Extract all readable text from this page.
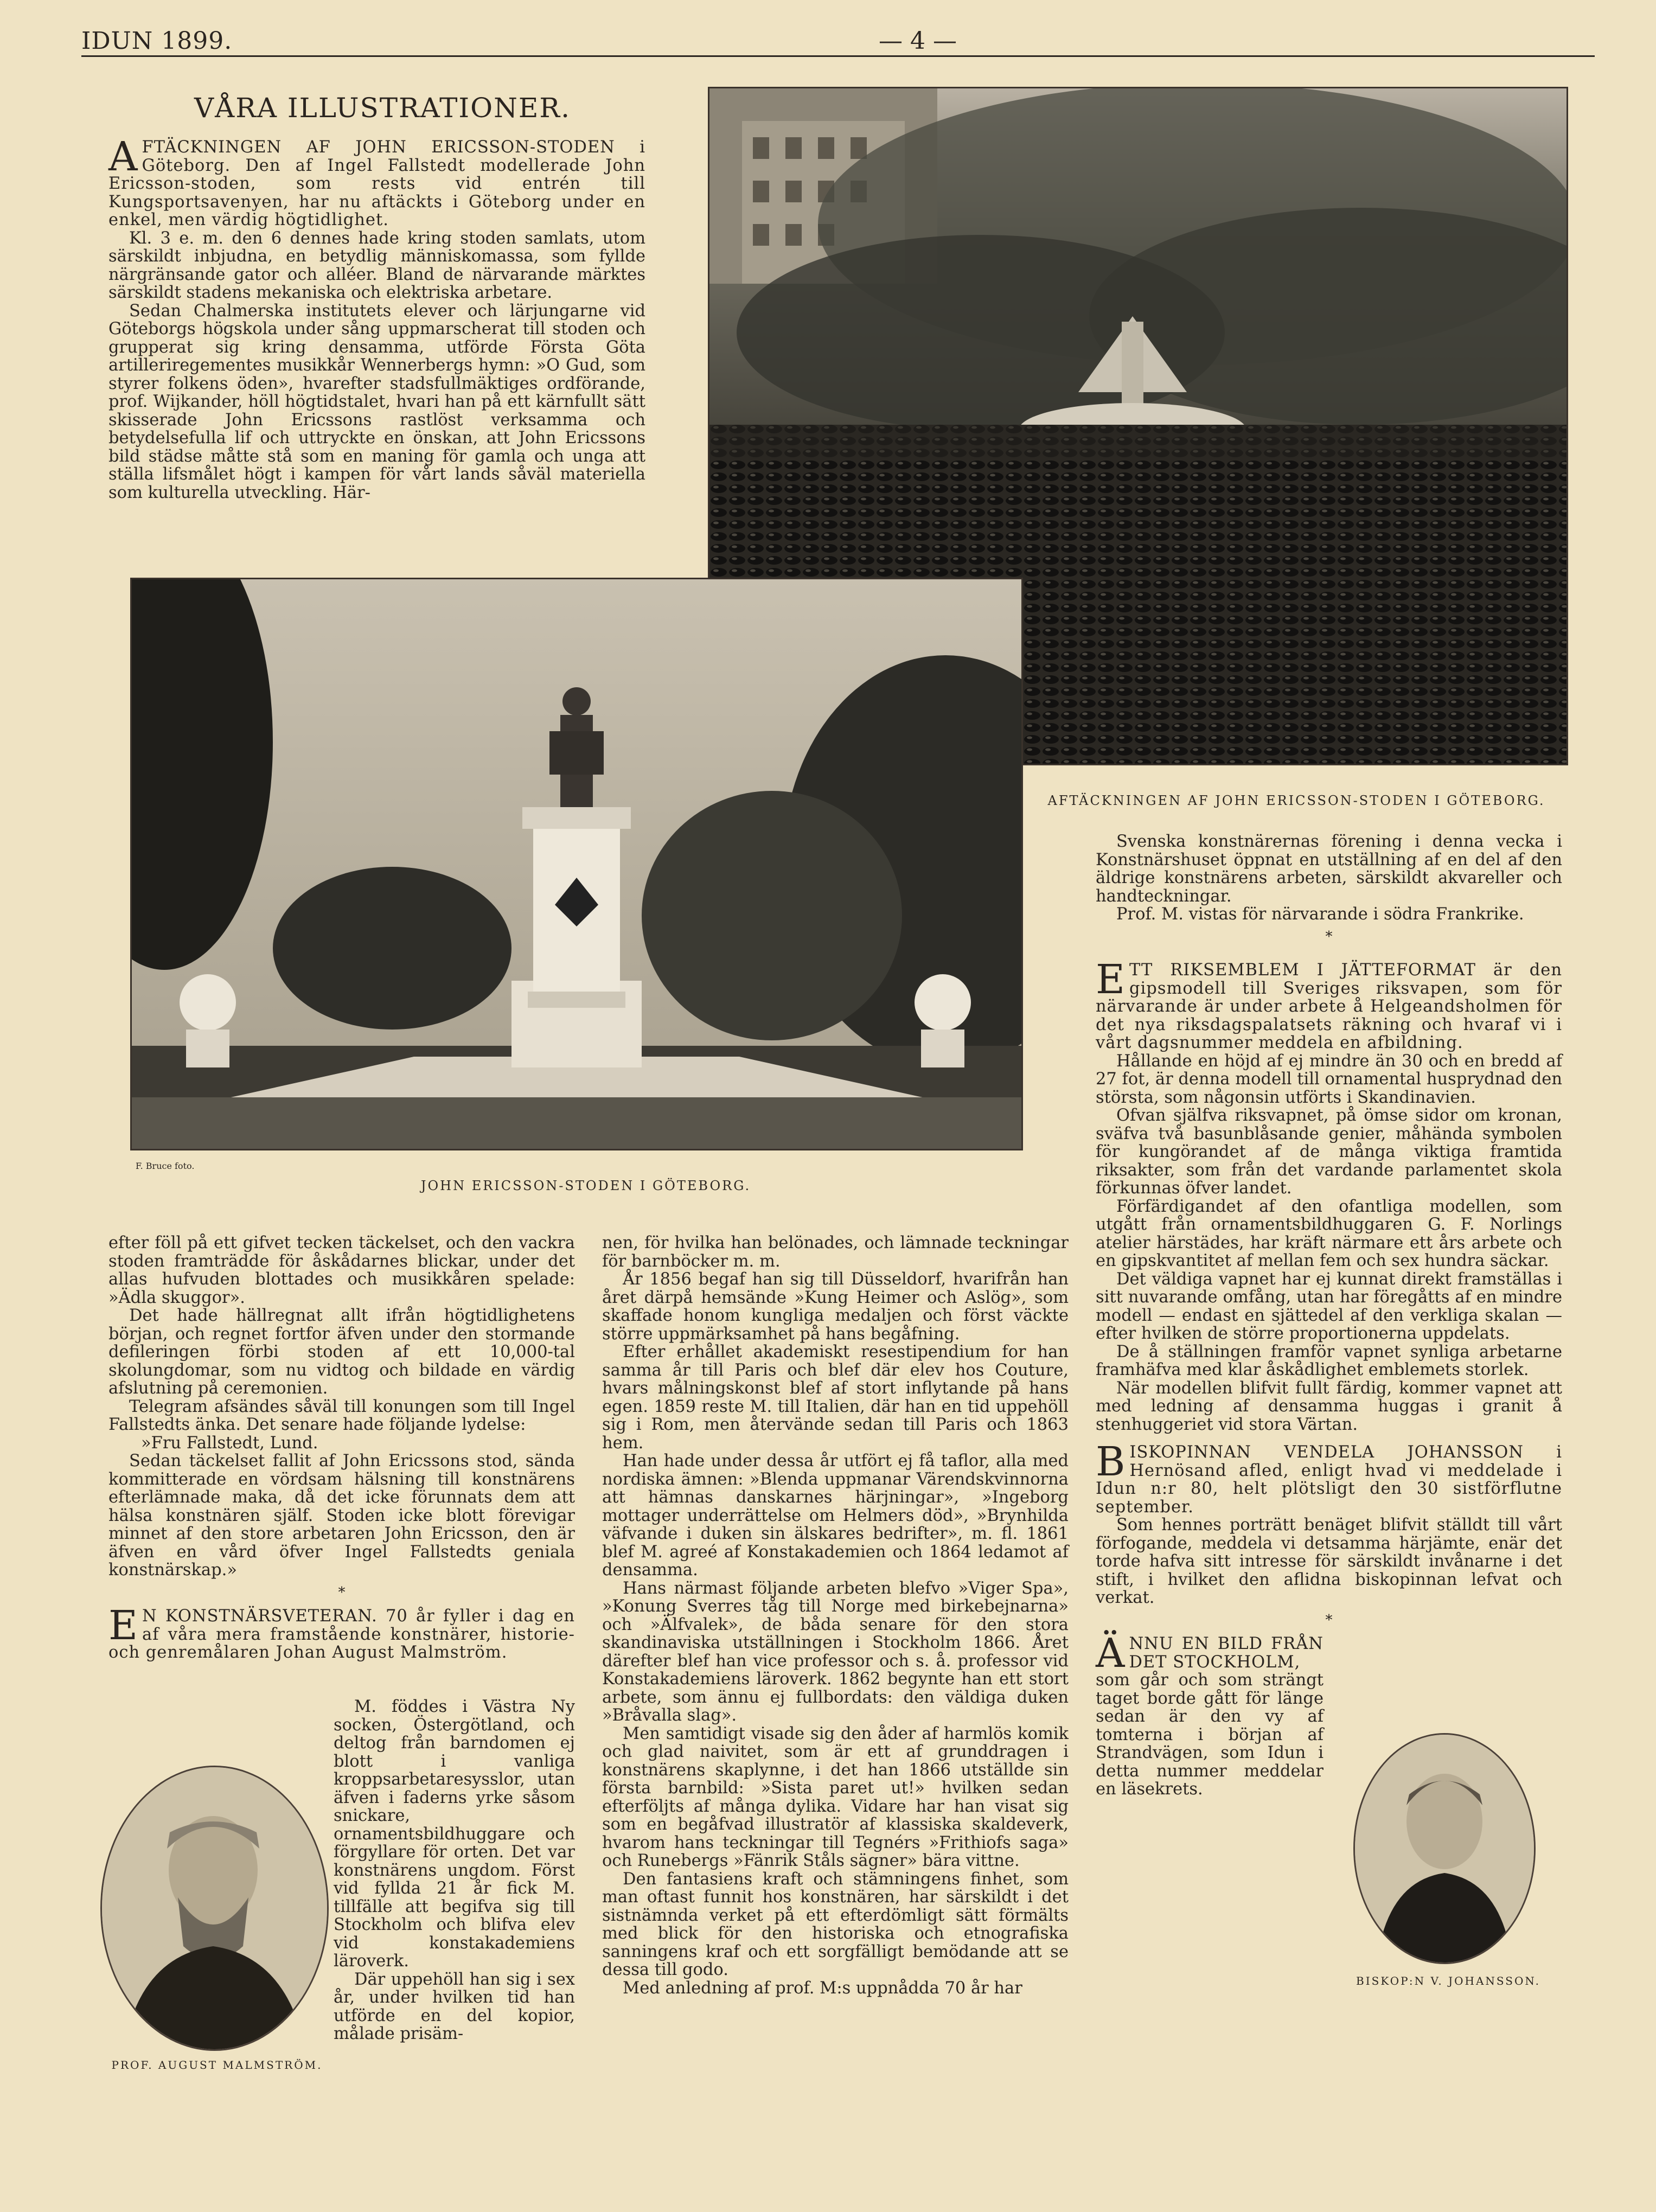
IDUN 1899.	— 4 —
VÅRA ILLUSTRATIONER.

AFTÄCKNINGEN AF JOHN ERICSSON-STODEN i Göteborg. Den af Ingel Fallstedt modellerade John Ericsson-stoden, som rests vid entrén till Kungsportsavenyen, har nu aftäckts i Göteborg under en enkel, men värdig högtidlighet.

Kl. 3 e. m. den 6 dennes hade kring stoden samlats, utom särskildt inbjudna, en betydlig människomassa, som fyllde närgränsande gator och alléer. Bland de närvarande märktes särskildt stadens mekaniska och elektriska arbetare.

Sedan Chalmerska institutets elever och lärjungarne vid Göteborgs högskola under sång uppmarscherat till stoden och grupperat sig kring densamma, utförde Första Göta artilleriregementes musikkår Wennerbergs hymn: »O Gud, som styrer folkens öden», hvarefter stadsfullmäktiges ordförande, prof. Wijkander, höll högtidstalet, hvari han på ett kärnfullt sätt skisserade John Ericssons rastlöst verksamma och betydelsefulla lif och uttryckte en önskan, att John Ericssons bild städse måtte stå som en maning för gamla och unga att ställa lifsmålet högt i kampen för vårt lands såväl materiella som kulturella utveckling. Här-

AFTÄCKNINGEN AF JOHN ERICSSON-STODEN I GÖTEBORG.
F. Bruce foto.
JOHN ERICSSON-STODEN I GÖTEBORG.

Svenska konstnärernas förening i denna vecka i Konstnärshuset öppnat en utställning af en del af den äldrige konstnärens arbeten, särskildt akvareller och handteckningar.

Prof. M. vistas för närvarande i södra Frankrike.

*

ETT RIKSEMBLEM I JÄTTEFORMAT är den gipsmodell till Sveriges riksvapen, som för närvarande är under arbete å Helgeandsholmen för det nya riksdagspalatsets räkning och hvaraf vi i vårt dagsnummer meddela en afbildning.

Hållande en höjd af ej mindre än 30 och en bredd af 27 fot, är denna modell till ornamental husprydnad den största, som någonsin utförts i Skandinavien.

Ofvan själfva riksvapnet, på ömse sidor om kronan, sväfva två basunblåsande genier, måhända symbolen för kungörandet af de många viktiga framtida riksakter, som från det vardande parlamentet skola förkunnas öfver landet.

Förfärdigandet af den ofantliga modellen, som utgått från ornamentsbildhuggaren G. F. Norlings atelier härstädes, har kräft närmare ett års arbete och en gipskvantitet af mellan fem och sex hundra säckar.

Det väldiga vapnet har ej kunnat direkt framställas i sitt nuvarande omfång, utan har föregåtts af en mindre modell — endast en sjättedel af den verkliga skalan — efter hvilken de större proportionerna uppdelats.

De å ställningen framför vapnet synliga arbetarne framhäfva med klar åskådlighet emblemets storlek.

När modellen blifvit fullt färdig, kommer vapnet att med ledning af densamma huggas i granit å stenhuggeriet vid stora Värtan.

BISKOPINNAN VENDELA JOHANSSON i Hernösand afled, enligt hvad vi meddelade i Idun n:r 80, helt plötsligt den 30 sistförflutne september.

Som hennes porträtt benäget blifvit ställdt till vårt förfogande, meddela vi detsamma härjämte, enär det torde hafva sitt intresse för särskildt invånarne i det stift, i hvilket den aflidna biskopinnan lefvat och verkat.

*

ÄNNU EN BILD FRÅN DET STOCKHOLM,

som går och som strängt taget borde gått för länge sedan är den vy af tomterna i början af Strandvägen, som Idun i detta nummer meddelar en läsekrets.

BISKOP:N V. JOHANSSON.

efter föll på ett gifvet tecken täckelset, och den vackra stoden framträdde för åskådarnes blickar, under det allas hufvuden blottades och musikkåren spelade: »Ädla skuggor».

Det hade hällregnat allt ifrån högtidlighetens början, och regnet fortfor äfven under den stormande defileringen förbi stoden af ett 10,000-tal skolungdomar, som nu vidtog och bildade en värdig afslutning på ceremonien.

Telegram afsändes såväl till konungen som till Ingel Fallstedts änka. Det senare hade följande lydelse:

»Fru Fallstedt, Lund.

Sedan täckelset fallit af John Ericssons stod, sända kommitterade en vördsam hälsning till konstnärens efterlämnade maka, då det icke förunnats dem att hälsa konstnären själf. Stoden icke blott förevigar minnet af den store arbetaren John Ericsson, den är äfven en vård öfver Ingel Fallstedts geniala konstnärskap.»

*

E N KONSTNÄRSVETERAN. 70 år fyller i dag en af våra mera framstående konstnärer, historie- och genremålaren Johan August Malmström.

M. föddes i Västra Ny socken, Östergötland, och deltog från barndomen ej blott i vanliga kroppsarbetaresysslor, utan äfven i faderns yrke såsom snickare, ornamentsbildhuggare och förgyllare för orten. Det var konstnärens ungdom. Först vid fyllda 21 år fick M. tillfälle att begifva sig till Stockholm och blifva elev vid konstakademiens läroverk.

Där uppehöll han sig i sex år, under hvilken tid han utförde en del kopior, målade prisäm-

PROF. AUGUST MALMSTRÖM.

nen, för hvilka han belönades, och lämnade teckningar för barnböcker m. m.

År 1856 begaf han sig till Düsseldorf, hvarifrån han året därpå hemsände »Kung Heimer och Aslög», som skaffade honom kungliga medaljen och först väckte större uppmärksamhet på hans begåfning.

Efter erhållet akademiskt resestipendium for han samma år till Paris och blef där elev hos Couture, hvars målningskonst blef af stort inflytande på hans egen. 1859 reste M. till Italien, där han en tid uppehöll sig i Rom, men återvände sedan till Paris och 1863 hem.

Han hade under dessa år utfört ej få taflor, alla med nordiska ämnen: »Blenda uppmanar Värendskvinnorna att hämnas danskarnes härjningar», »Ingeborg mottager underrättelse om Helmers död», »Brynhilda väfvande i duken sin älskares bedrifter», m. fl. 1861 blef M. agreé af Konstakademien och 1864 ledamot af densamma.

Hans närmast följande arbeten blefvo »Viger Spa», »Konung Sverres tåg till Norge med birkebejnarna» och »Älfvalek», de båda senare för den stora skandinaviska utställningen i Stockholm 1866. Året därefter blef han vice professor och s. å. professor vid Konstakademiens läroverk. 1862 begynte han ett stort arbete, som ännu ej fullbordats: den väldiga duken »Bråvalla slag».

Men samtidigt visade sig den åder af harmlös komik och glad naivitet, som är ett af grunddragen i konstnärens skaplynne, i det han 1866 utställde sin första barnbild: »Sista paret ut!» hvilken sedan efterföljts af många dylika. Vidare har han visat sig som en begåfvad illustratör af klassiska skaldeverk, hvarom hans teckningar till Tegnérs »Frithiofs saga» och Runebergs »Fänrik Ståls sägner» bära vittne.

Den fantasiens kraft och stämningens finhet, som man oftast funnit hos konstnären, har särskildt i det sistnämnda verket på ett efterdömligt sätt förmälts med blick för den historiska och etnografiska sanningens kraf och ett sorgfälligt bemödande att se dessa till godo.

Med anledning af prof. M:s uppnådda 70 år har
